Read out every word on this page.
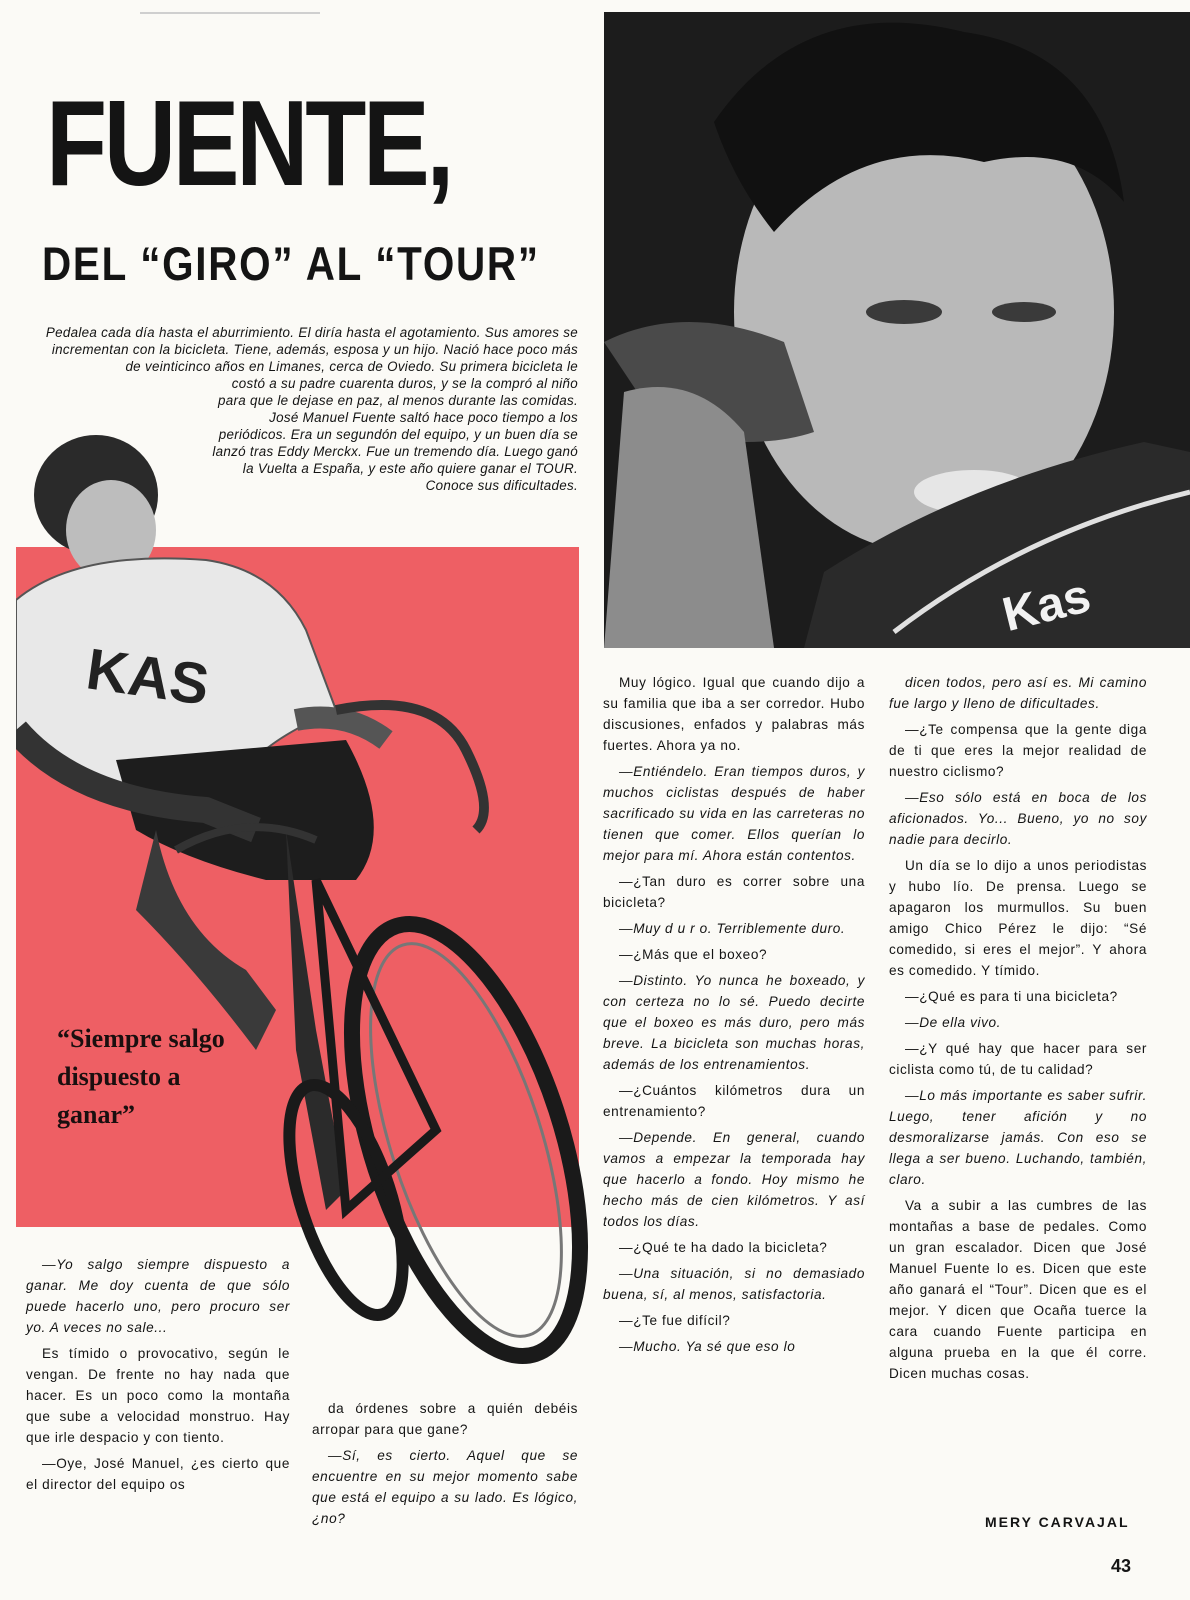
FUENTE,
DEL “GIRO” AL “TOUR”

Pedalea cada día hasta el aburrimiento. El diría hasta el agotamiento. Sus amores se incrementan con la bicicleta. Tiene, además, esposa y un hijo. Nació hace poco más de veinticinco años en Limanes, cerca de Oviedo. Su primera bicicleta le costó a su padre cuarenta duros, y se la compró al niño para que le dejase en paz, al menos durante las comidas. José Manuel Fuente saltó hace poco tiempo a los periódicos. Era un segundón del equipo, y un buen día se lanzó tras Eddy Merckx. Fue un tremendo día. Luego ganó la Vuelta a España, y este año quiere ganar el TOUR. Conoce sus dificultades.

KAS

“Siempre salgo dispuesto a ganar”

Kas

—Yo salgo siempre dispuesto a ganar. Me doy cuenta de que sólo puede hacerlo uno, pero procuro ser yo. A veces no sale...

Es tímido o provocativo, según le vengan. De frente no hay nada que hacer. Es un poco como la montaña que sube a velocidad monstruo. Hay que irle despacio y con tiento.

—Oye, José Manuel, ¿es cierto que el director del equipo os

da órdenes sobre a quién debéis arropar para que gane?

—Sí, es cierto. Aquel que se encuentre en su mejor momento sabe que está el equipo a su lado. Es lógico, ¿no?

Muy lógico. Igual que cuando dijo a su familia que iba a ser corredor. Hubo discusiones, enfados y palabras más fuertes. Ahora ya no.

—Entiéndelo. Eran tiempos duros, y muchos ciclistas después de haber sacrificado su vida en las carreteras no tienen que comer. Ellos querían lo mejor para mí. Ahora están contentos.

—¿Tan duro es correr sobre una bicicleta?

—Muy d u r o. Terriblemente duro.

—¿Más que el boxeo?

—Distinto. Yo nunca he boxeado, y con certeza no lo sé. Puedo decirte que el boxeo es más duro, pero más breve. La bicicleta son muchas horas, además de los entrenamientos.

—¿Cuántos kilómetros dura un entrenamiento?

—Depende. En general, cuando vamos a empezar la temporada hay que hacerlo a fondo. Hoy mismo he hecho más de cien kilómetros. Y así todos los días.

—¿Qué te ha dado la bicicleta?

—Una situación, si no demasiado buena, sí, al menos, satisfactoria.

—¿Te fue difícil?

—Mucho. Ya sé que eso lo

dicen todos, pero así es. Mi camino fue largo y lleno de dificultades.

—¿Te compensa que la gente diga de ti que eres la mejor realidad de nuestro ciclismo?

—Eso sólo está en boca de los aficionados. Yo... Bueno, yo no soy nadie para decirlo.

Un día se lo dijo a unos periodistas y hubo lío. De prensa. Luego se apagaron los murmullos. Su buen amigo Chico Pérez le dijo: “Sé comedido, si eres el mejor”. Y ahora es comedido. Y tímido.

—¿Qué es para ti una bicicleta?

—De ella vivo.

—¿Y qué hay que hacer para ser ciclista como tú, de tu calidad?

—Lo más importante es saber sufrir. Luego, tener afición y no desmoralizarse jamás. Con eso se llega a ser bueno. Luchando, también, claro.

Va a subir a las cumbres de las montañas a base de pedales. Como un gran escalador. Dicen que José Manuel Fuente lo es. Dicen que este año ganará el “Tour”. Dicen que es el mejor. Y dicen que Ocaña tuerce la cara cuando Fuente participa en alguna prueba en la que él corre. Dicen muchas cosas.

MERY CARVAJAL

43
